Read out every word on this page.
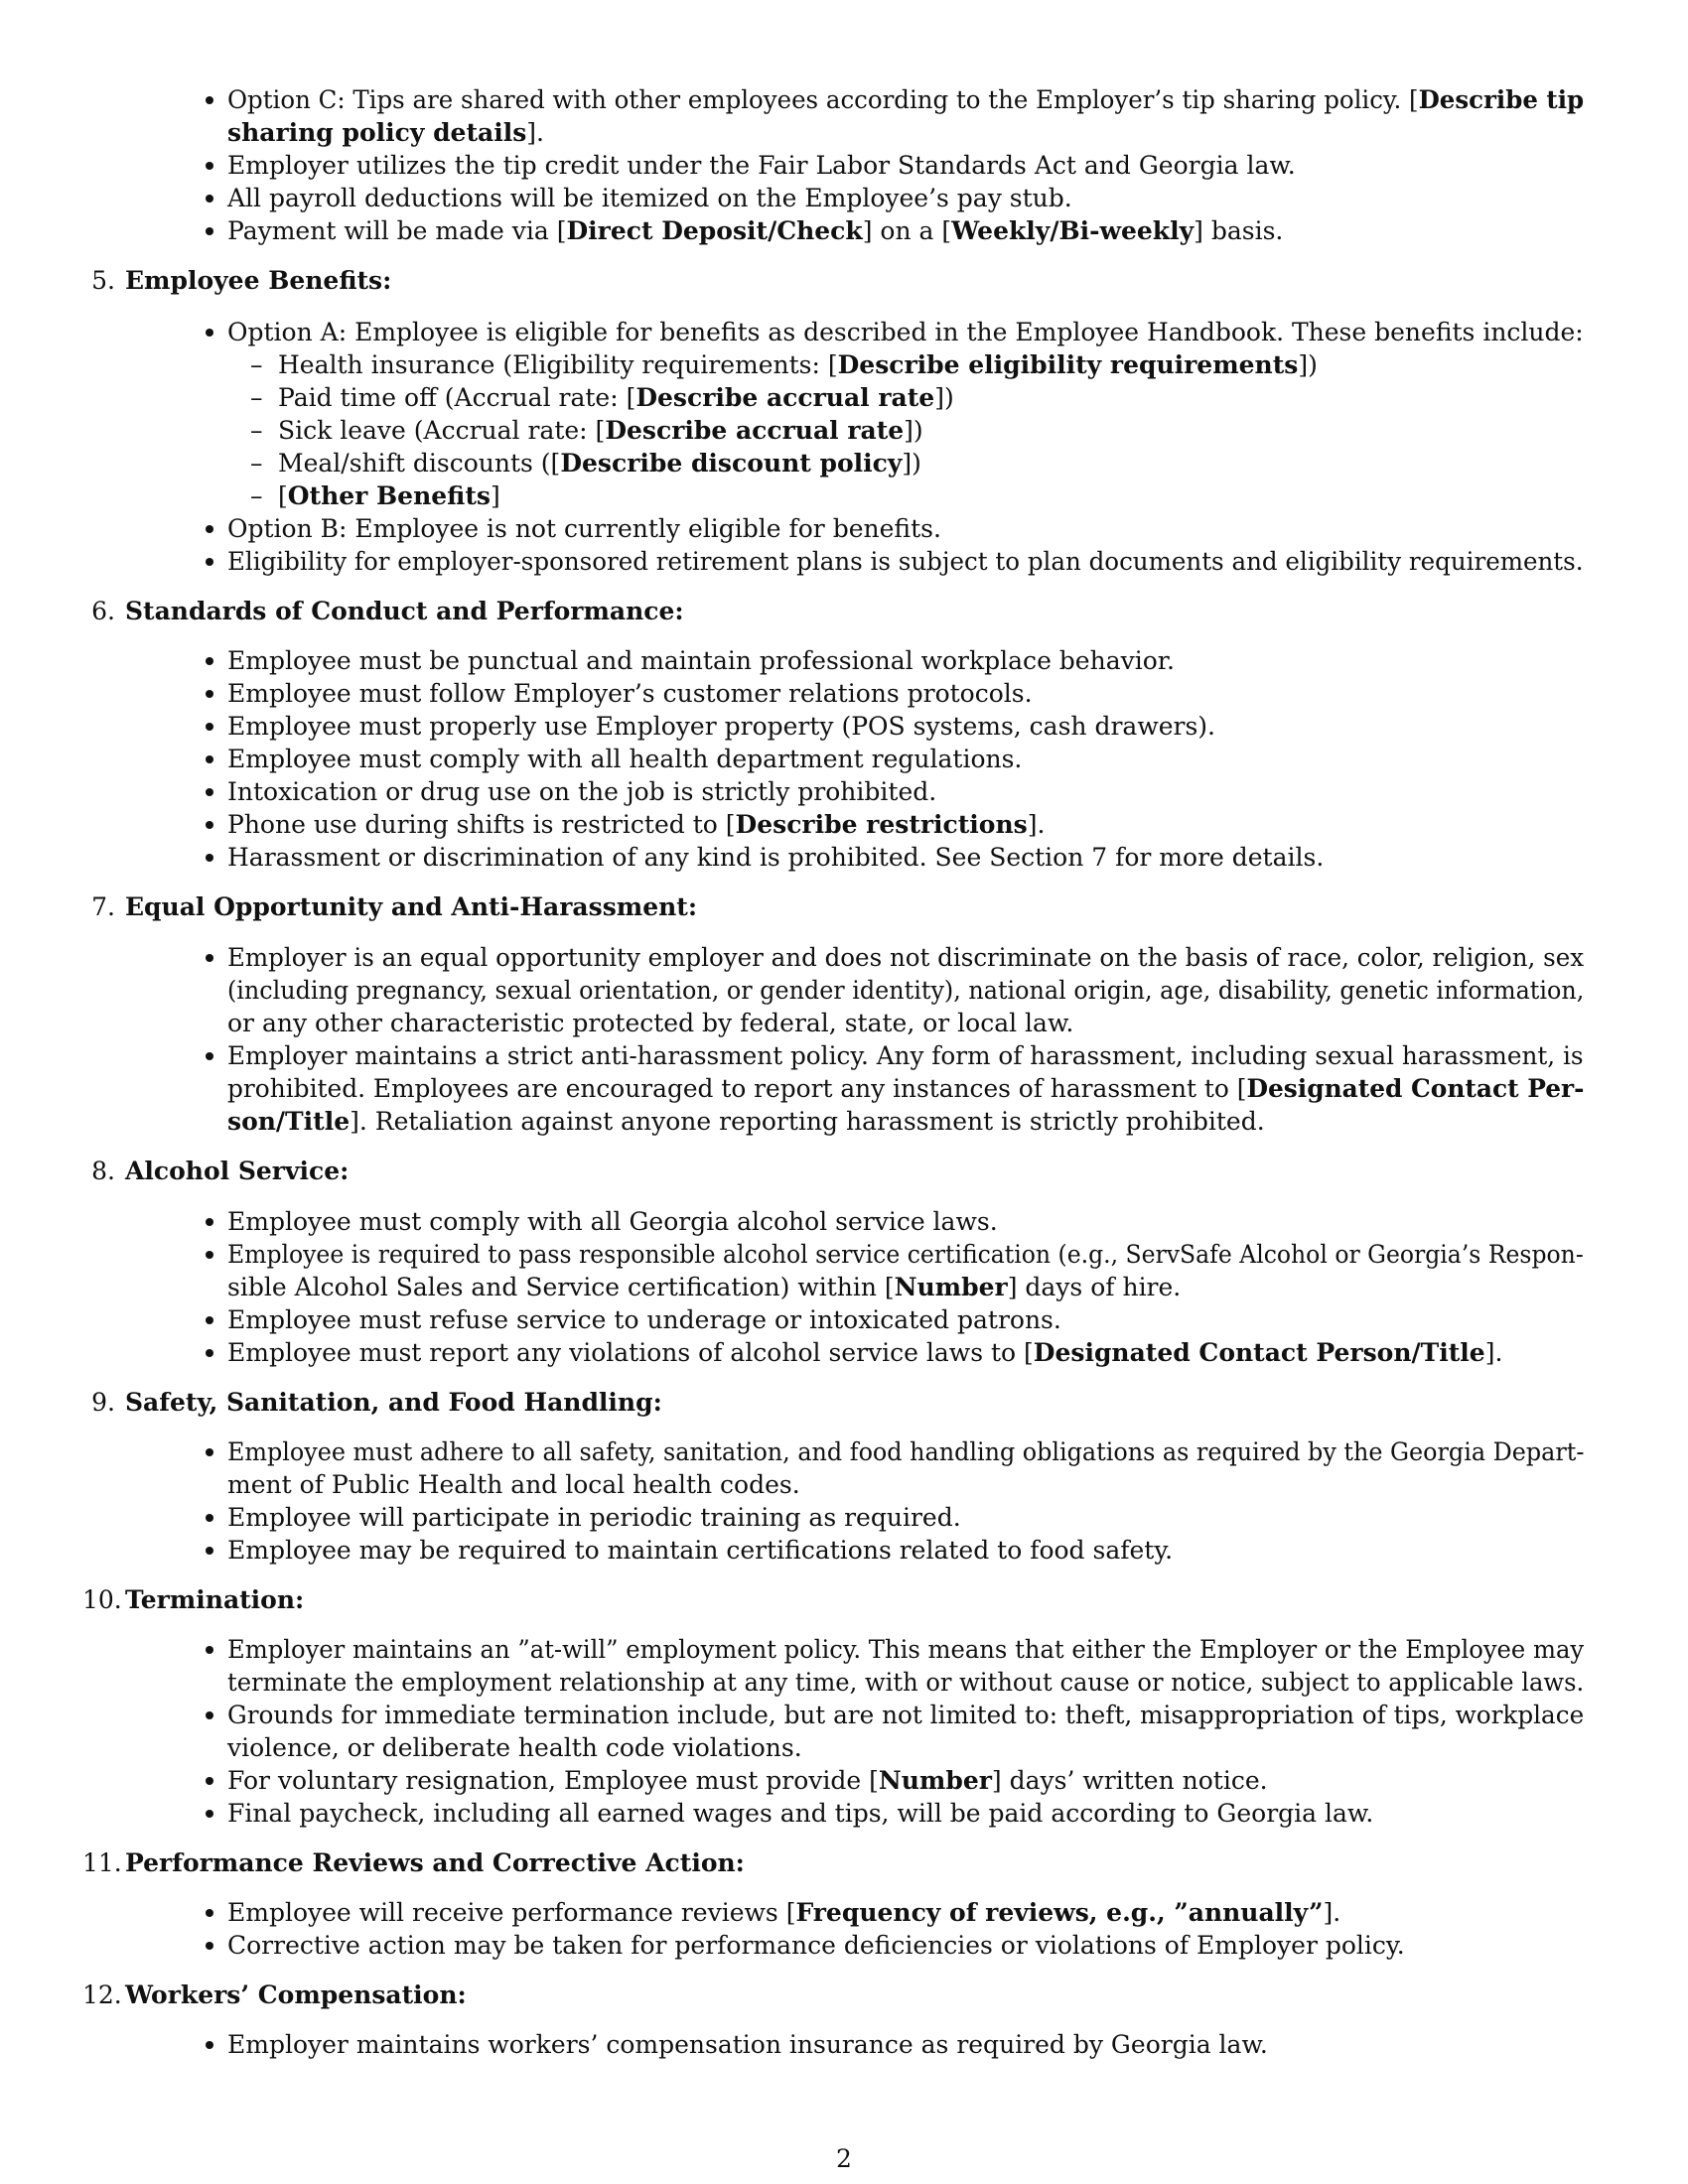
Option C: Tips are shared with other employees according to the Employer’s tip sharing policy. [Describe tip
sharing policy details].
Employer utilizes the tip credit under the Fair Labor Standards Act and Georgia law.
All payroll deductions will be itemized on the Employee’s pay stub.
Payment will be made via [Direct Deposit/Check] on a [Weekly/Bi-weekly] basis.
5. Employee Benefits:
Option A: Employee is eligible for benefits as described in the Employee Handbook. These benefits include:
– Health insurance (Eligibility requirements: [Describe eligibility requirements])
– Paid time off (Accrual rate: [Describe accrual rate])
– Sick leave (Accrual rate: [Describe accrual rate])
– Meal/shift discounts ([Describe discount policy])
– [Other Benefits]
Option B: Employee is not currently eligible for benefits.
Eligibility for employer-sponsored retirement plans is subject to plan documents and eligibility requirements.
6. Standards of Conduct and Performance:
Employee must be punctual and maintain professional workplace behavior.
Employee must follow Employer’s customer relations protocols.
Employee must properly use Employer property (POS systems, cash drawers).
Employee must comply with all health department regulations.
Intoxication or drug use on the job is strictly prohibited.
Phone use during shifts is restricted to [Describe restrictions].
Harassment or discrimination of any kind is prohibited. See Section 7 for more details.
7. Equal Opportunity and Anti-Harassment:
Employer is an equal opportunity employer and does not discriminate on the basis of race, color, religion, sex
(including pregnancy, sexual orientation, or gender identity), national origin, age, disability, genetic information,
or any other characteristic protected by federal, state, or local law.
Employer maintains a strict anti-harassment policy. Any form of harassment, including sexual harassment, is
prohibited. Employees are encouraged to report any instances of harassment to [Designated Contact Per-
son/Title]. Retaliation against anyone reporting harassment is strictly prohibited.
8. Alcohol Service:
Employee must comply with all Georgia alcohol service laws.
Employee is required to pass responsible alcohol service certification (e.g., ServSafe Alcohol or Georgia’s Respon-
sible Alcohol Sales and Service certification) within [Number] days of hire.
Employee must refuse service to underage or intoxicated patrons.
Employee must report any violations of alcohol service laws to [Designated Contact Person/Title].
9. Safety, Sanitation, and Food Handling:
Employee must adhere to all safety, sanitation, and food handling obligations as required by the Georgia Depart-
ment of Public Health and local health codes.
Employee will participate in periodic training as required.
Employee may be required to maintain certifications related to food safety.
10. Termination:
Employer maintains an ”at-will” employment policy. This means that either the Employer or the Employee may
terminate the employment relationship at any time, with or without cause or notice, subject to applicable laws.
Grounds for immediate termination include, but are not limited to: theft, misappropriation of tips, workplace
violence, or deliberate health code violations.
For voluntary resignation, Employee must provide [Number] days’ written notice.
Final paycheck, including all earned wages and tips, will be paid according to Georgia law.
11. Performance Reviews and Corrective Action:
Employee will receive performance reviews [Frequency of reviews, e.g., ”annually”].
Corrective action may be taken for performance deficiencies or violations of Employer policy.
12. Workers’ Compensation:
Employer maintains workers’ compensation insurance as required by Georgia law.
2
